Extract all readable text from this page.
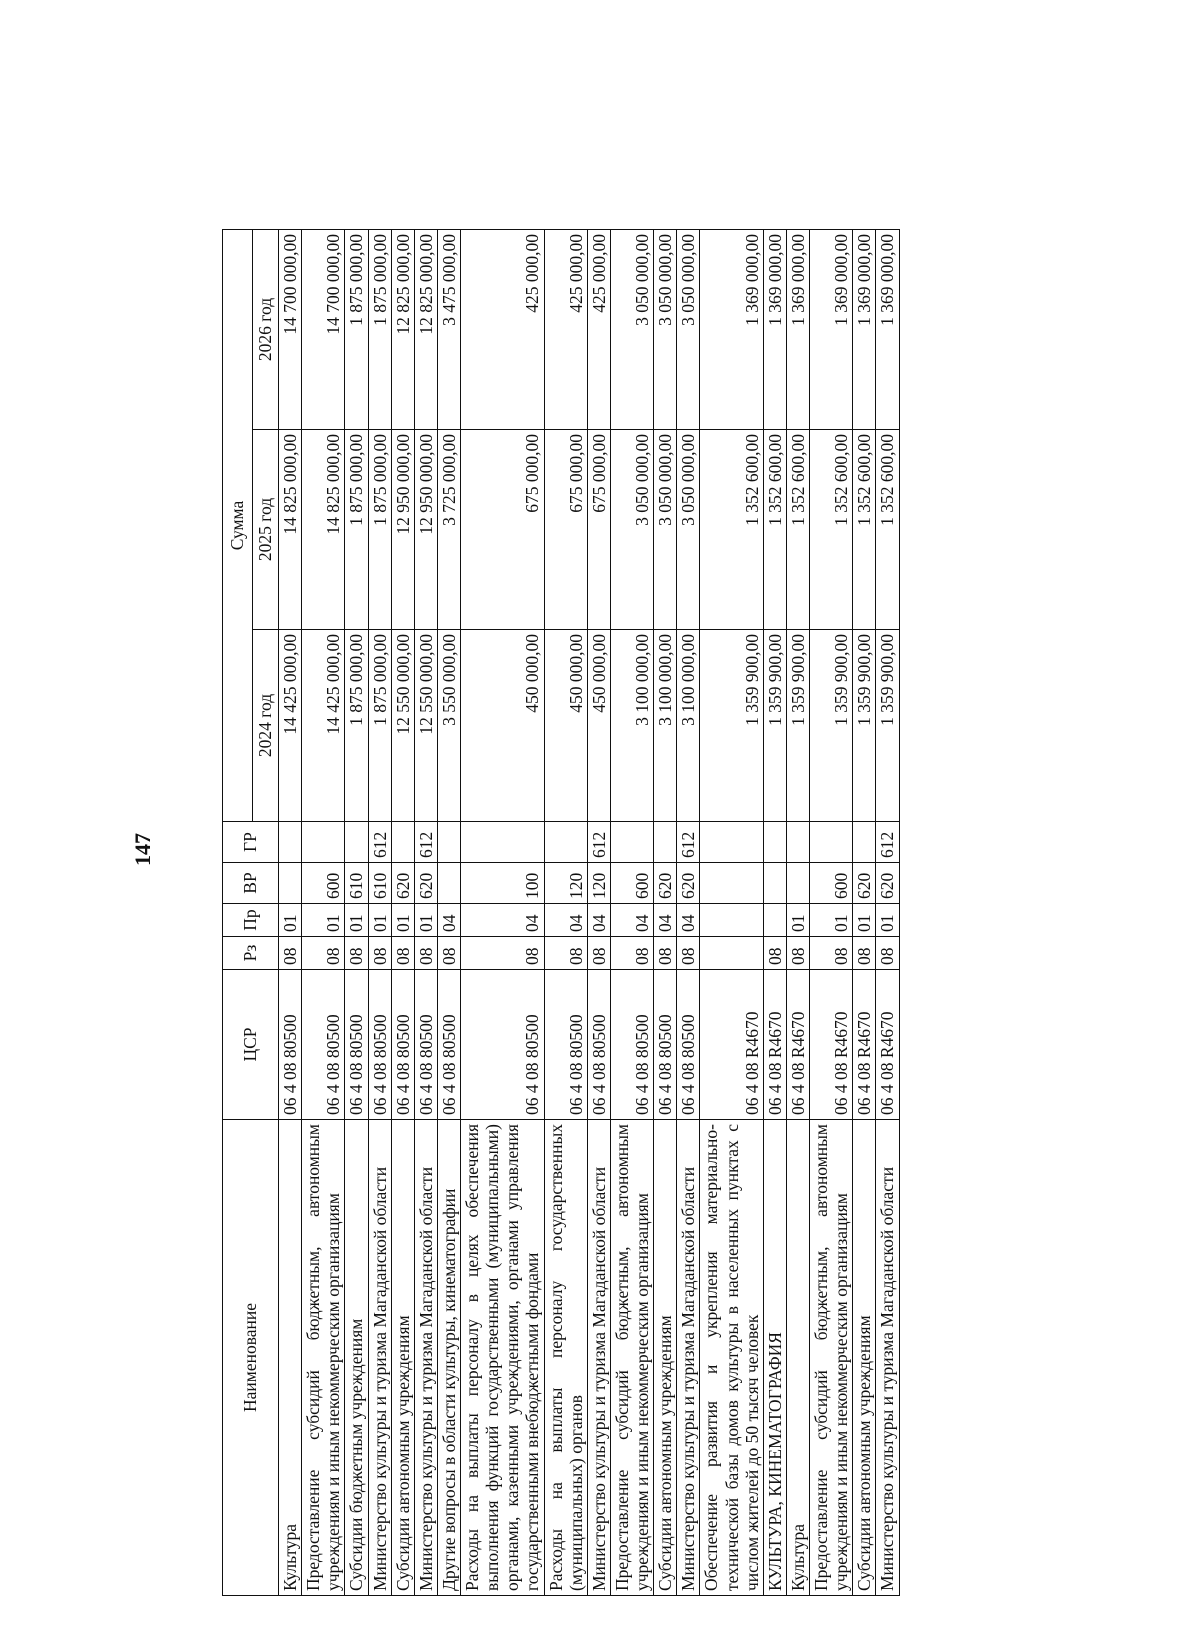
147
Наименование	ЦСР	Рз	Пр	ВР	ГР	Сумма		
						2024 год	2025 год	2026 год
Культура	06 4 08 80500	08	01			14 425 000,00	14 825 000,00	14 700 000,00
Предоставление субсидий бюджетным, автономным учреждениям и иным некоммерческим организациям	06 4 08 80500	08	01	600		14 425 000,00	14 825 000,00	14 700 000,00
Субсидии бюджетным учреждениям	06 4 08 80500	08	01	610		1 875 000,00	1 875 000,00	1 875 000,00
Министерство культуры и туризма Магаданской области	06 4 08 80500	08	01	610	612	1 875 000,00	1 875 000,00	1 875 000,00
Субсидии автономным учреждениям	06 4 08 80500	08	01	620		12 550 000,00	12 950 000,00	12 825 000,00
Министерство культуры и туризма Магаданской области	06 4 08 80500	08	01	620	612	12 550 000,00	12 950 000,00	12 825 000,00
Другие вопросы в области культуры, кинематографии	06 4 08 80500	08	04			3 550 000,00	3 725 000,00	3 475 000,00
Расходы на выплаты персоналу в целях обеспечения выполнения функций государственными (муниципальными) органами, казенными учреждениями, органами управления государственными внебюджетными фондами	06 4 08 80500	08	04	100		450 000,00	675 000,00	425 000,00
Расходы на выплаты персоналу государственных (муниципальных) органов	06 4 08 80500	08	04	120		450 000,00	675 000,00	425 000,00
Министерство культуры и туризма Магаданской области	06 4 08 80500	08	04	120	612	450 000,00	675 000,00	425 000,00
Предоставление субсидий бюджетным, автономным учреждениям и иным некоммерческим организациям	06 4 08 80500	08	04	600		3 100 000,00	3 050 000,00	3 050 000,00
Субсидии автономным учреждениям	06 4 08 80500	08	04	620		3 100 000,00	3 050 000,00	3 050 000,00
Министерство культуры и туризма Магаданской области	06 4 08 80500	08	04	620	612	3 100 000,00	3 050 000,00	3 050 000,00
Обеспечение развития и укрепления материально-технической базы домов культуры в населенных пунктах с числом жителей до 50 тысяч человек	06 4 08 R4670					1 359 900,00	1 352 600,00	1 369 000,00
КУЛЬТУРА, КИНЕМАТОГРАФИЯ	06 4 08 R4670	08				1 359 900,00	1 352 600,00	1 369 000,00
Культура	06 4 08 R4670	08	01			1 359 900,00	1 352 600,00	1 369 000,00
Предоставление субсидий бюджетным, автономным учреждениям и иным некоммерческим организациям	06 4 08 R4670	08	01	600		1 359 900,00	1 352 600,00	1 369 000,00
Субсидии автономным учреждениям	06 4 08 R4670	08	01	620		1 359 900,00	1 352 600,00	1 369 000,00
Министерство культуры и туризма Магаданской области	06 4 08 R4670	08	01	620	612	1 359 900,00	1 352 600,00	1 369 000,00
